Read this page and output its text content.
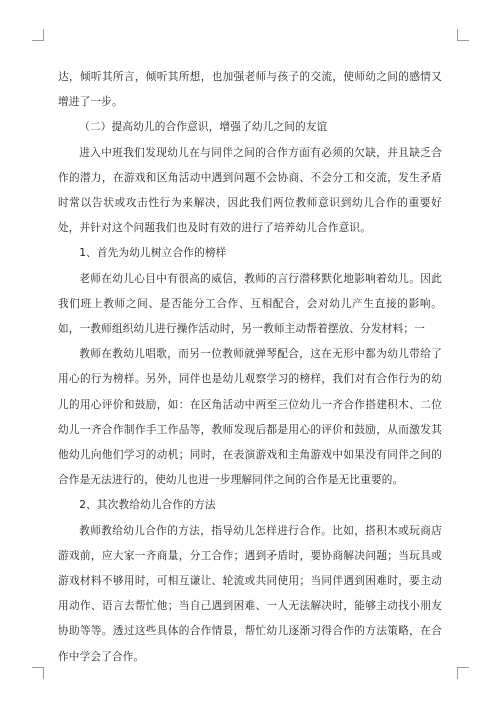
达，倾听其所言，倾听其所想，也加强老师与孩子的交流，使师幼之间的感情又增进了一步。

（二）提高幼儿的合作意识，增强了幼儿之间的友谊

进入中班我们发现幼儿在与同伴之间的合作方面有必须的欠缺，并且缺乏合作的潜力，在游戏和区角活动中遇到问题不会协商、不会分工和交流，发生矛盾时常以告状或攻击性行为来解决，因此我们两位教师意识到幼儿合作的重要好处，并针对这个问题我们也及时有效的进行了培养幼儿合作意识。

1、首先为幼儿树立合作的榜样

老师在幼儿心目中有很高的威信，教师的言行潜移默化地影响着幼儿。因此我们班上教师之间、是否能分工合作、互相配合，会对幼儿产生直接的影响。如，一教师组织幼儿进行操作活动时，另一教师主动帮着摆放、分发材料；一

教师在教幼儿唱歌，而另一位教师就弹琴配合，这在无形中都为幼儿带给了用心的行为榜样。另外，同伴也是幼儿观察学习的榜样，我们对有合作行为的幼儿的用心评价和鼓励，如：在区角活动中两至三位幼儿一齐合作搭建积木、二位幼儿一齐合作制作手工作品等，教师发现后都是用心的评价和鼓励，从而激发其他幼儿向他们学习的动机；同时，在表演游戏和主角游戏中如果没有同伴之间的合作是无法进行的，使幼儿也进一步理解同伴之间的合作是无比重要的。

2、其次教给幼儿合作的方法

教师教给幼儿合作的方法，指导幼儿怎样进行合作。比如，搭积木或玩商店游戏前，应大家一齐商量，分工合作；遇到矛盾时，要协商解决问题；当玩具或游戏材料不够用时，可相互谦让、轮流或共同使用；当同伴遇到困难时，要主动用动作、语言去帮忙他；当自己遇到困难、一人无法解决时，能够主动找小朋友协助等等。透过这些具体的合作情景，帮忙幼儿逐渐习得合作的方法策略，在合作中学会了合作。
